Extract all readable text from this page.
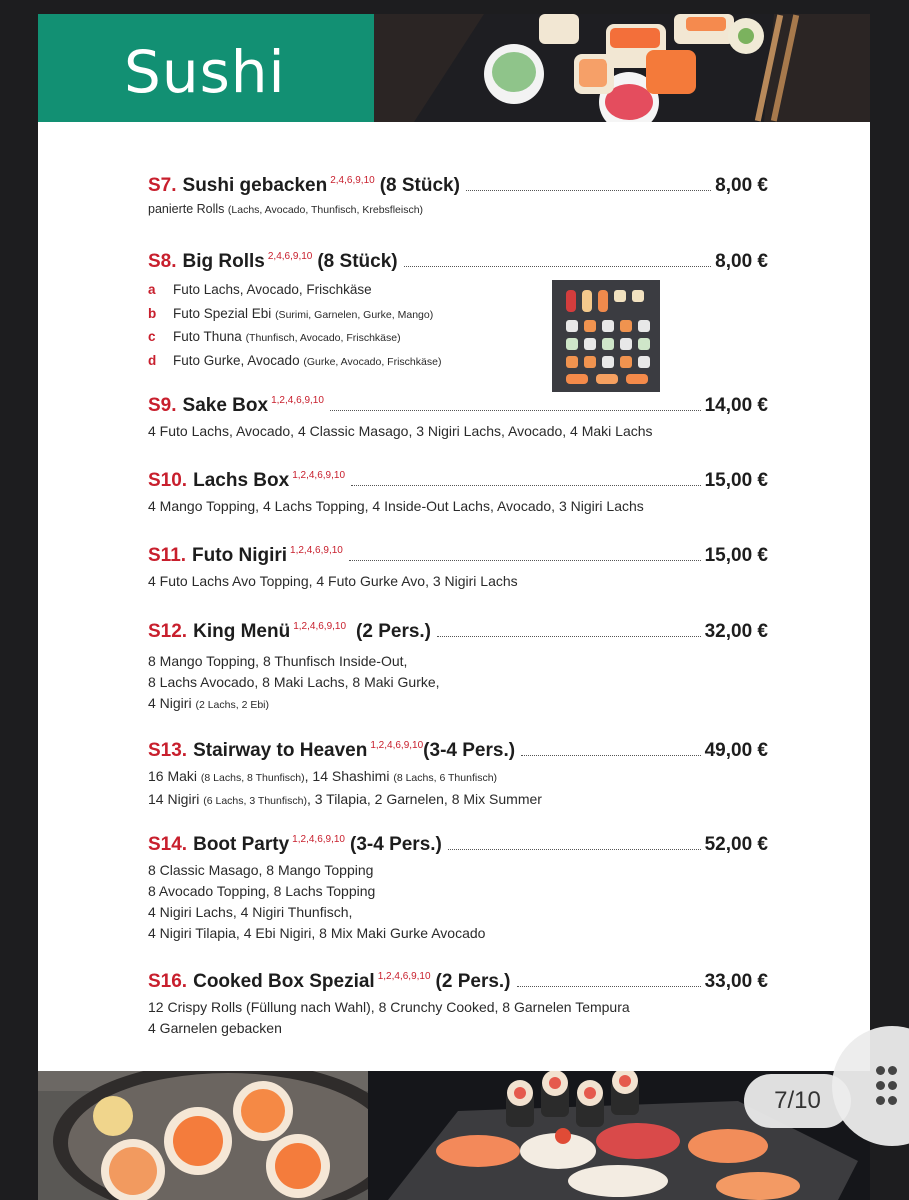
Sushi
S7. Sushi gebacken 2,4,6,9,10 (8 Stück)	8,00 €
panierte Rolls (Lachs, Avocado, Thunfisch, Krebsfleisch)
S8. Big Rolls 2,4,6,9,10 (8 Stück)	8,00 €
a Futo Lachs, Avocado, Frischkäse
b Futo Spezial Ebi (Surimi, Garnelen, Gurke, Mango)
c Futo Thuna (Thunfisch, Avocado, Frischkäse)
d Futo Gurke, Avocado (Gurke, Avocado, Frischkäse)
S9. Sake Box 1,2,4,6,9,10	14,00 €
4 Futo Lachs, Avocado, 4 Classic Masago, 3 Nigiri Lachs, Avocado, 4 Maki Lachs
S10. Lachs Box 1,2,4,6,9,10	15,00 €
4 Mango Topping, 4 Lachs Topping, 4 Inside-Out Lachs, Avocado, 3 Nigiri Lachs
S11. Futo Nigiri 1,2,4,6,9,10	15,00 €
4 Futo Lachs Avo Topping, 4 Futo Gurke Avo, 3 Nigiri Lachs
S12. King Menü 1,2,4,6,9,10 (2 Pers.)	32,00 €
8 Mango Topping, 8 Thunfisch Inside-Out,
8 Lachs Avocado, 8 Maki Lachs, 8 Maki Gurke,
4 Nigiri (2 Lachs, 2 Ebi)
S13. Stairway to Heaven 1,2,4,6,9,10 (3-4 Pers.)	49,00 €
16 Maki (8 Lachs, 8 Thunfisch), 14 Shashimi (8 Lachs, 6 Thunfisch)
14 Nigiri (6 Lachs, 3 Thunfisch), 3 Tilapia, 2 Garnelen, 8 Mix Summer
S14. Boot Party 1,2,4,6,9,10 (3-4 Pers.)	52,00 €
8 Classic Masago, 8 Mango Topping
8 Avocado Topping, 8 Lachs Topping
4 Nigiri Lachs, 4 Nigiri Thunfisch,
4 Nigiri Tilapia, 4 Ebi Nigiri, 8 Mix Maki Gurke Avocado
S16. Cooked Box Spezial 1,2,4,6,9,10 (2 Pers.)	33,00 €
12 Crispy Rolls (Füllung nach Wahl), 8 Crunchy Cooked, 8 Garnelen Tempura
4 Garnelen gebacken
7/10
